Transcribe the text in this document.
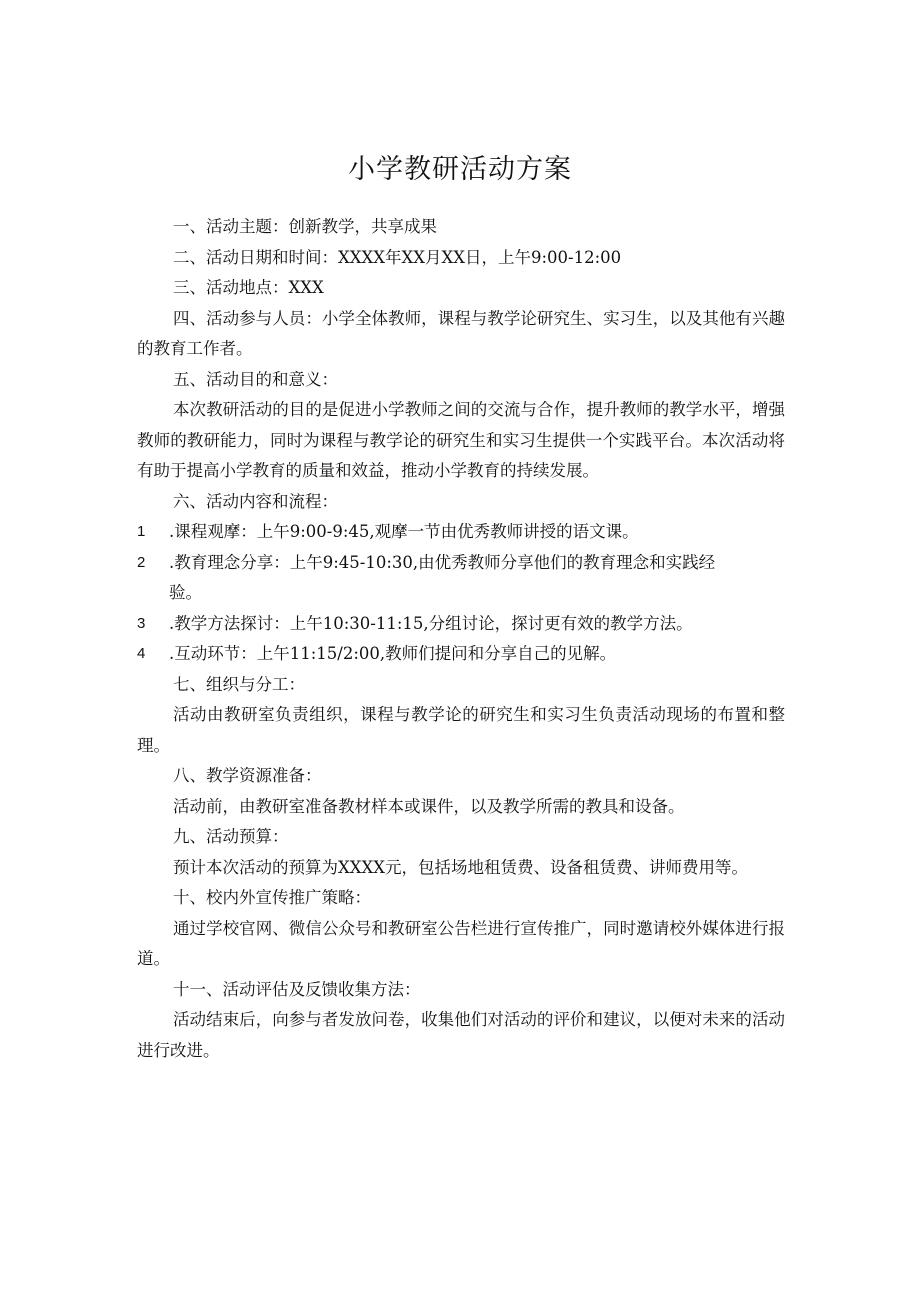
小学教研活动方案

一、活动主题：创新教学，共享成果

二、活动日期和时间：XXXX年XX月XX日，上午9:00-12:00

三、活动地点：XXX

四、活动参与人员：小学全体教师，课程与教学论研究生、实习生，以及其他有兴趣的教育工作者。

五、活动目的和意义：

本次教研活动的目的是促进小学教师之间的交流与合作，提升教师的教学水平，增强教师的教研能力，同时为课程与教学论的研究生和实习生提供一个实践平台。本次活动将有助于提高小学教育的质量和效益，推动小学教育的持续发展。

六、活动内容和流程：

1	.课程观摩：上午9:00-9:45,观摩一节由优秀教师讲授的语文课。
2	.教育理念分享：上午9:45-10:30,由优秀教师分享他们的教育理念和实践经
验。
3	.教学方法探讨：上午10:30-11:15,分组讨论，探讨更有效的教学方法。
4	.互动环节：上午11:15/2:00,教师们提问和分享自己的见解。

七、组织与分工：

活动由教研室负责组织，课程与教学论的研究生和实习生负责活动现场的布置和整理。

八、教学资源准备：

活动前，由教研室准备教材样本或课件，以及教学所需的教具和设备。

九、活动预算：

预计本次活动的预算为XXXX元，包括场地租赁费、设备租赁费、讲师费用等。

十、校内外宣传推广策略：

通过学校官网、微信公众号和教研室公告栏进行宣传推广，同时邀请校外媒体进行报道。

十一、活动评估及反馈收集方法：

活动结束后，向参与者发放问卷，收集他们对活动的评价和建议，以便对未来的活动进行改进。
